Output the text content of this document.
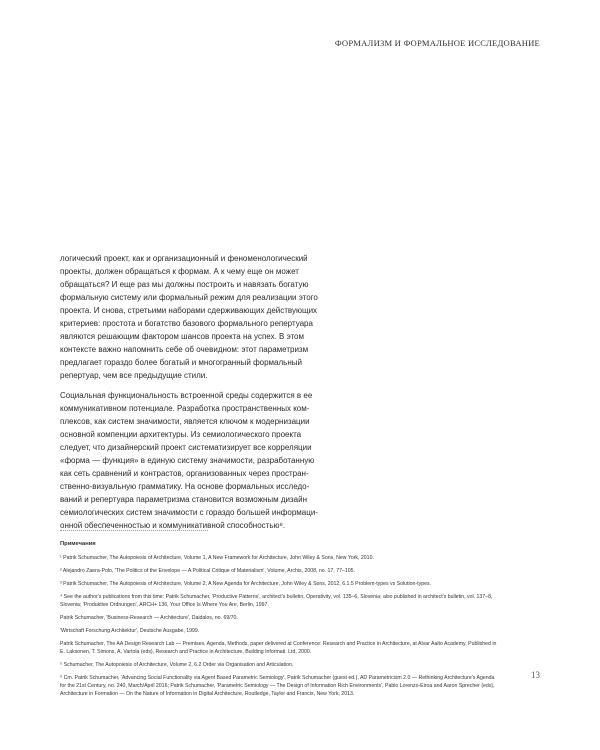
ФОРМАЛИЗМ И ФОРМАЛЬНОЕ ИССЛЕДОВАНИЕ

логический проект, как и организационный и феноменологический
проекты, должен обращаться к формам. А к чему еще он может
обращаться? И еще раз мы должны построить и навязать богатую
формальную систему или формальный режим для реализации этого
проекта. И снова, стретьими наборами сдерживающих действующих
критериев: простота и богатство базового формального репертуара
являются решающим фактором шансов проекта на успех. В этом
контексте важно напомнить себе об очевидном: этот параметризм
предлагает гораздо более богатый и многогранный формальный
репертуар, чем все предыдущие стили.

Социальная функциональность встроенной среды содержится в ее
коммуникативном потенциале. Разработка пространственных ком-
плексов, как систем значимости, является ключом к модернизации
основной компенции архитектуры. Из семиологического проекта
следует, что дизайнерский проект систематизирует все корреляции
«форма — функция» в единую систему значимости, разработанную
как сеть сравнений и контрастов, организованных через простран-
ственно-визуальную грамматику. На основе формальных исследо-
ваний и репертуара параметризма становится возможным дизайн
семиологических систем значимости с гораздо большей информаци-
онной обеспеченностью и коммуникативной способностью⁸.

Примечания
¹ Patrik Schumacher, The Autopoiesis of Architecture, Volume 1, A New Framework for Architecture, John Wiley & Sons, New York, 2010.
² Alejandro Zaera-Polo, 'The Politics of the Envelope — A Political Critique of Materialism', Volume, Archis, 2008, no. 17, 77–105.
³ Patrik Schumacher, The Autopoiesis of Architecture, Volume 2, A New Agenda for Architecture, John Wiley & Sons, 2012, 6.1.5 Problem-types vs Solution-types.
⁴ See the author's publications from this time: Patrik Schumacher, 'Productive Patterns', architect's bulletin, Operativity, vol. 135–6, Slovenia; also published in architect's bulletin, vol. 137–8,
Slovenia; 'Produktive Ordnungen', ARCH+ 136, Your Office Is Where You Are, Berlin, 1997.
Patrik Schumacher, 'Business-Research — Architecture', Daidalos, no. 69/70.
'Wirtschaft Forschung Architektur', Deutsche Ausgabe, 1999.
Patrik Schumacher, The AA Design Research Lab — Premises, Agenda, Methods, paper delivered at Conference: Research and Practice in Architecture, at Alvar Aalto Academy, Published in
E. Laksonen, T. Simons, A. Vartola (eds), Research and Practice in Architecture, Building Informati. Ltd, 2000.
⁵ Schumacher, The Autopoiesis of Architecture, Volume 2, 6.2 Order via Organisation and Articulation.
⁶ Cm. Patrik Schumacher, 'Advancing Social Functionality via Agent Based Parametric Semiology', Patrik Schumacher (guest ed.), AD Parametricism 2.0 — Rethinking Architecture's Agenda
for the 21st Century, no. 240, March/April 2016; Patrik Schumacher, 'Parametric Semiology — The Design of Information Rich Environments', Pablo Lorenzo-Eiroa and Aaron Sprecher (eds),
Architecture in Formation — On the Nature of Information in Digital Architecture, Routledge, Taylor and Francis, New York, 2013.
13
